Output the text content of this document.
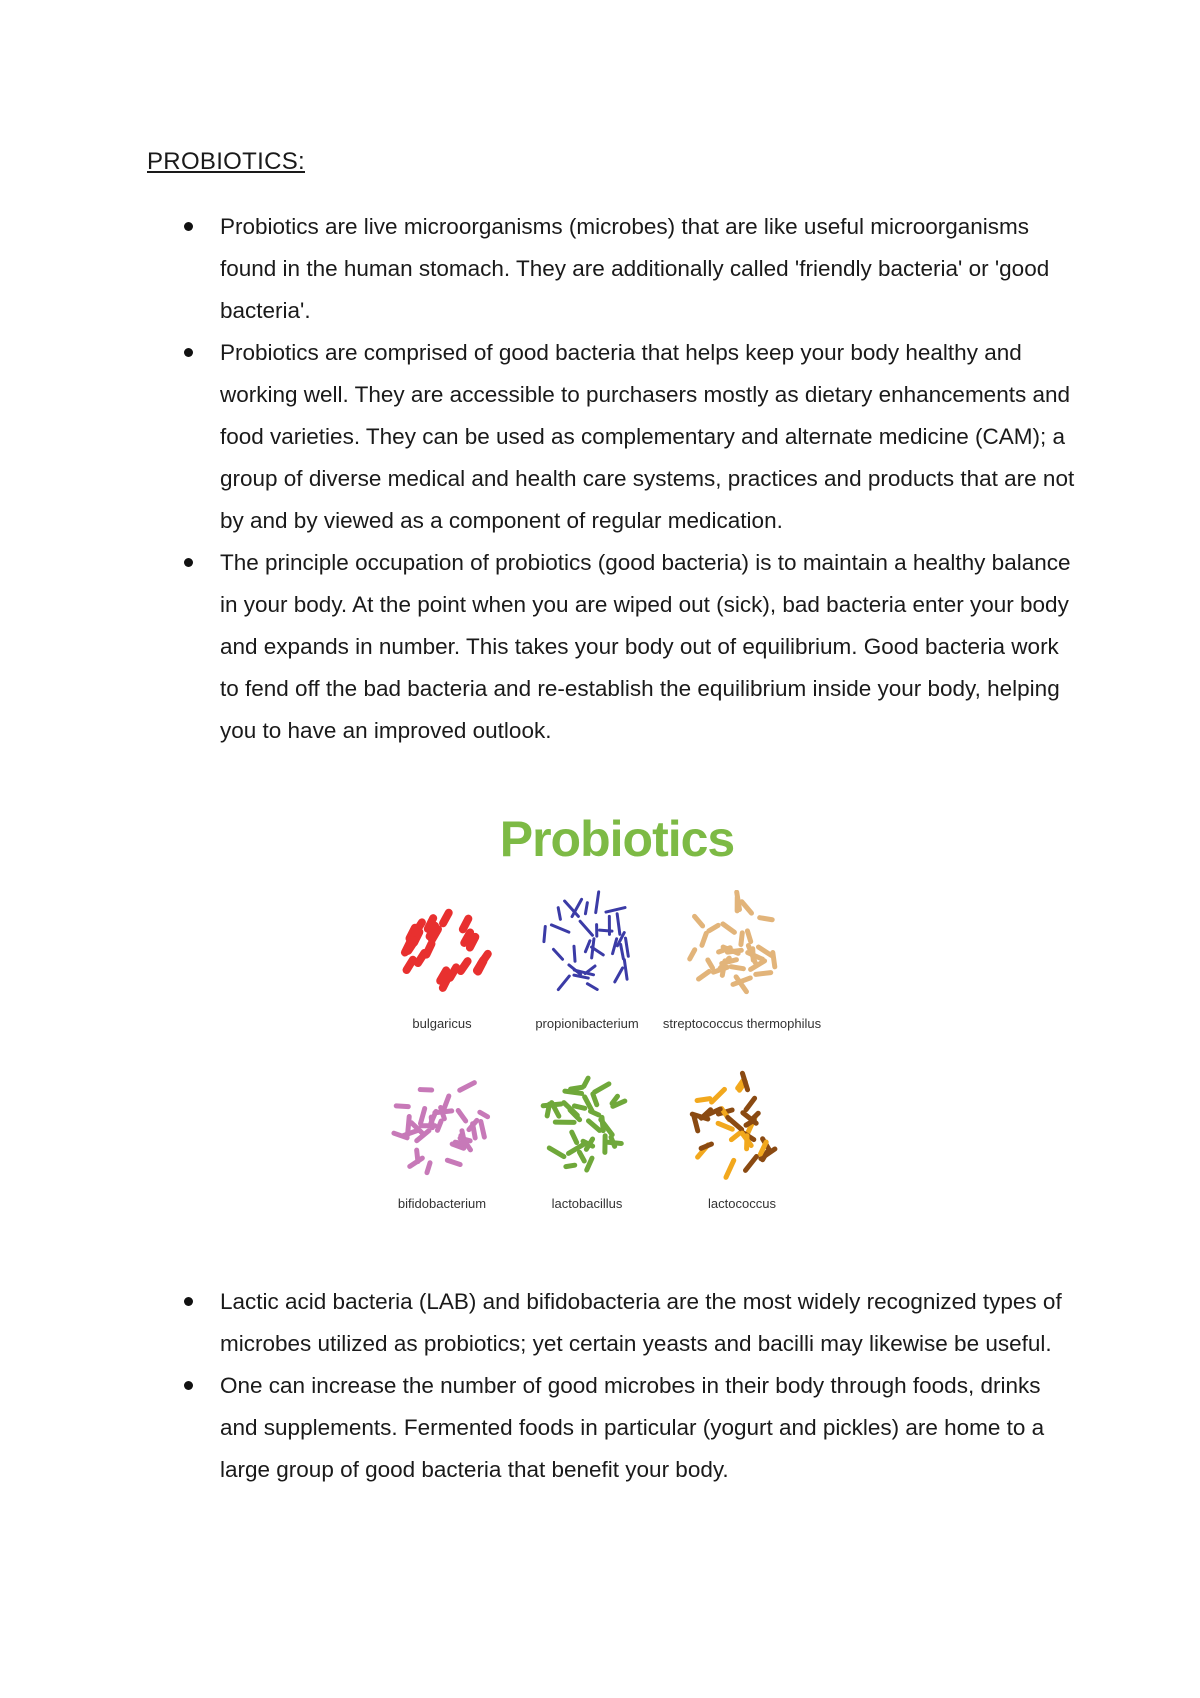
PROBIOTICS:
Probiotics are live microorganisms (microbes) that are like useful microorganisms found in the human stomach. They are additionally called 'friendly bacteria' or 'good bacteria'.
Probiotics are comprised of good bacteria that helps keep your body healthy and working well. They are accessible to purchasers mostly as dietary enhancements and food varieties. They can be used as complementary and alternate medicine (CAM); a group of diverse medical and health care systems, practices and products that are not by and by viewed as a component of regular medication.
The principle occupation of probiotics (good bacteria) is to maintain a healthy balance in your body. At the point when you are wiped out (sick), bad bacteria enter your body and expands in number. This takes your body out of equilibrium. Good bacteria work to fend off the bad bacteria and re-establish the equilibrium inside your body, helping you to have an improved outlook.
Probiotics
bulgaricus	propionibacterium streptococcus thermophilus
bifidobacterium	lactobacillus	lactococcus
Lactic acid bacteria (LAB) and bifidobacteria are the most widely recognized types of microbes utilized as probiotics; yet certain yeasts and bacilli may likewise be useful.
One can increase the number of good microbes in their body through foods, drinks and supplements. Fermented foods in particular (yogurt and pickles) are home to a large group of good bacteria that benefit your body.
